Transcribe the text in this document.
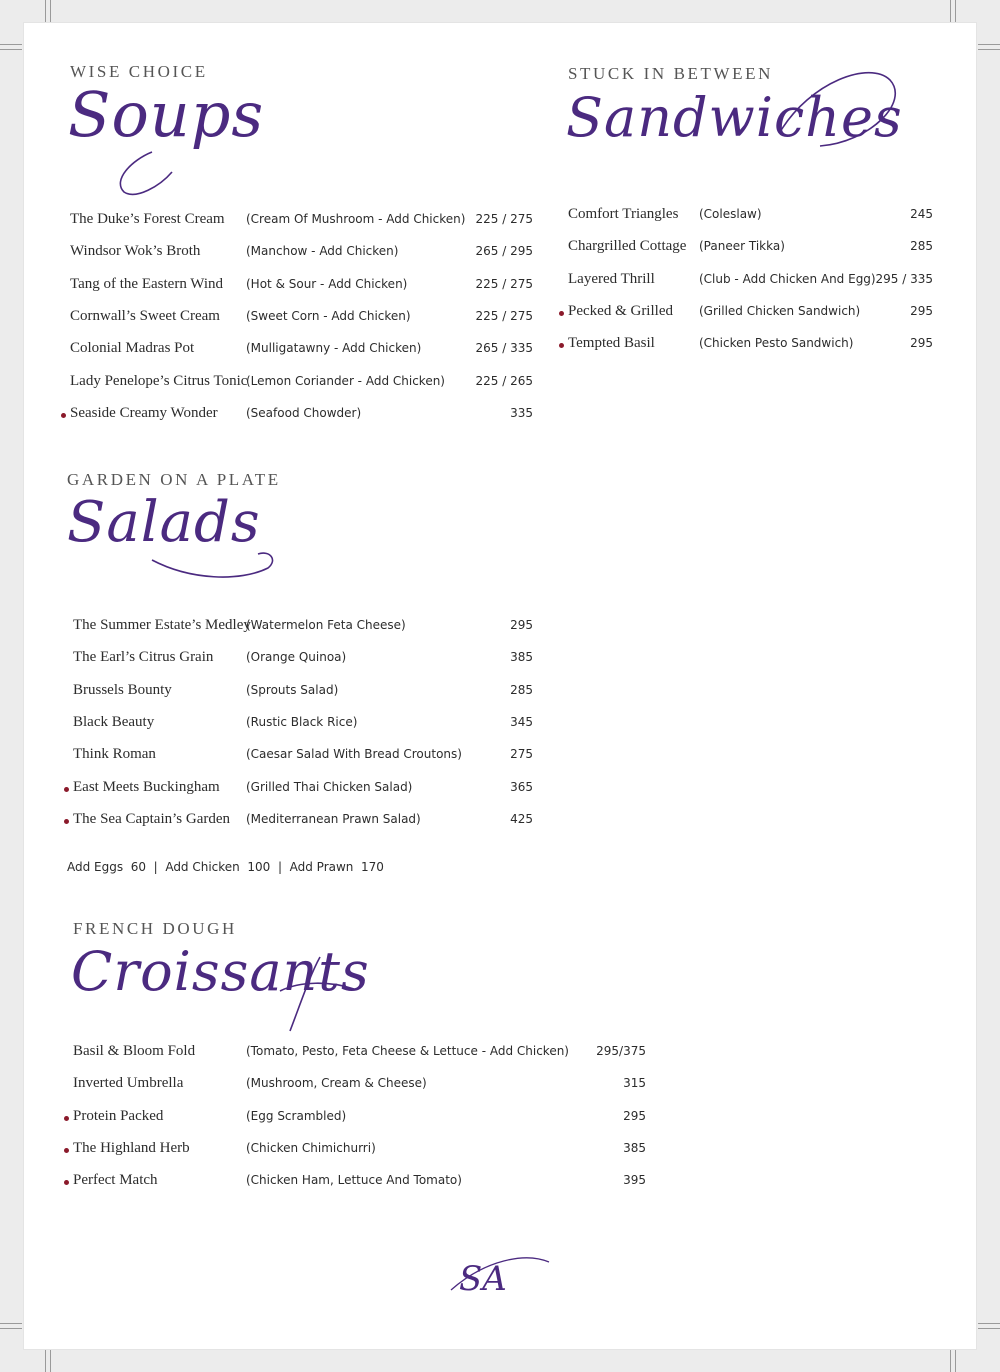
WISE CHOICE
Soups
STUCK IN BETWEEN
Sandwiches
The Duke’s Forest Cream (Cream Of Mushroom - Add Chicken) 225 / 275
Windsor Wok’s Broth	(Manchow - Add Chicken)	265 / 295
Tang of the Eastern Wind (Hot & Sour - Add Chicken)	225 / 275
Cornwall’s Sweet Cream (Sweet Corn - Add Chicken)	225 / 275
Colonial Madras Pot	(Mulligatawny - Add Chicken)	265 / 335
Lady Penelope’s Citrus Tonic
(Lemon Coriander - Add Chicken)	225 / 265
Seaside Creamy Wonder (Seafood Chowder)	335
Comfort Triangles (Coleslaw)	245
Chargrilled Cottage (Paneer Tikka)	285
Layered Thrill	(Club - Add Chicken And Egg) 295 / 335
Pecked & Grilled (Grilled Chicken Sandwich)	295
Tempted Basil	(Chicken Pesto Sandwich)	295
GARDEN ON A PLATE
Salads
The Summer Estate’s Medley
(Watermelon Feta Cheese)	295
The Earl’s Citrus Grain	(Orange Quinoa)	385
Brussels Bounty	(Sprouts Salad)	285
Black Beauty	(Rustic Black Rice)	345
Think Roman	(Caesar Salad With Bread Croutons)	275
East Meets Buckingham (Grilled Thai Chicken Salad)	365
The Sea Captain’s Garden (Mediterranean Prawn Salad)	425
Add Eggs  60  |  Add Chicken  100  |  Add Prawn  170
FRENCH DOUGH
Croissants
Basil & Bloom Fold	(Tomato, Pesto, Feta Cheese & Lettuce - Add Chicken)	295/375
Inverted Umbrella	(Mushroom, Cream & Cheese)	315
Protein Packed	(Egg Scrambled)	295
The Highland Herb	(Chicken Chimichurri)	385
Perfect Match	(Chicken Ham, Lettuce And Tomato)	395
SA
